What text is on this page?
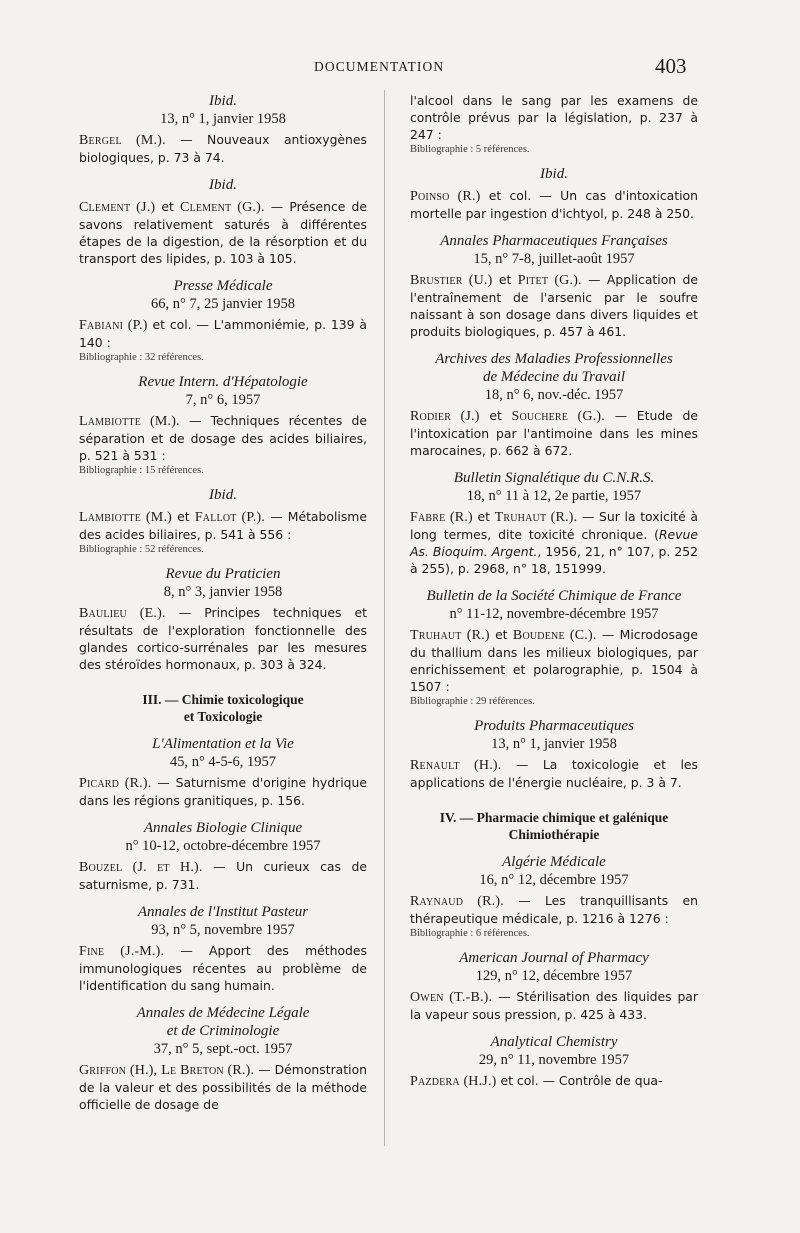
DOCUMENTATION	403

Ibid.

13, n° 1, janvier 1958

Bergel (M.). — Nouveaux antioxygènes biologiques, p. 73 à 74.

Ibid.

Clement (J.) et Clement (G.). — Présence de savons relativement saturés à différentes étapes de la digestion, de la résorption et du transport des lipides, p. 103 à 105.

Presse Médicale

66, n° 7, 25 janvier 1958

Fabiani (P.) et col. — L'ammoniémie, p. 139 à 140 :

Bibliographie : 32 références.

Revue Intern. d'Hépatologie

7, n° 6, 1957

Lambiotte (M.). — Techniques récentes de séparation et de dosage des acides biliaires, p. 521 à 531 :

Bibliographie : 15 références.

Ibid.

Lambiotte (M.) et Fallot (P.). — Métabolisme des acides biliaires, p. 541 à 556 :

Bibliographie : 52 références.

Revue du Praticien

8, n° 3, janvier 1958

Baulieu (E.). — Principes techniques et résultats de l'exploration fonctionnelle des glandes cortico-surrénales par les mesures des stéroïdes hormonaux, p. 303 à 324.

III. — Chimie toxicologique

et Toxicologie

L'Alimentation et la Vie

45, n° 4-5-6, 1957

Picard (R.). — Saturnisme d'origine hydrique dans les régions granitiques, p. 156.

Annales Biologie Clinique

n° 10-12, octobre-décembre 1957

Bouzel (J. et H.). — Un curieux cas de saturnisme, p. 731.

Annales de l'Institut Pasteur

93, n° 5, novembre 1957

Fine (J.-M.). — Apport des méthodes immunologiques récentes au problème de l'identification du sang humain.

Annales de Médecine Légale

et de Criminologie

37, n° 5, sept.-oct. 1957

Griffon (H.), Le Breton (R.). — Démonstration de la valeur et des possibilités de la méthode officielle de dosage de

l'alcool dans le sang par les examens de contrôle prévus par la législation, p. 237 à 247 :

Bibliographie : 5 références.

Ibid.

Poinso (R.) et col. — Un cas d'intoxication mortelle par ingestion d'ichtyol, p. 248 à 250.

Annales Pharmaceutiques Françaises

15, n° 7-8, juillet-août 1957

Brustier (U.) et Pitet (G.). — Application de l'entraînement de l'arsenic par le soufre naissant à son dosage dans divers liquides et produits biologiques, p. 457 à 461.

Archives des Maladies Professionnelles

de Médecine du Travail

18, n° 6, nov.-déc. 1957

Rodier (J.) et Souchere (G.). — Etude de l'intoxication par l'antimoine dans les mines marocaines, p. 662 à 672.

Bulletin Signalétique du C.N.R.S.

18, n° 11 à 12, 2e partie, 1957

Fabre (R.) et Truhaut (R.). — Sur la toxicité à long termes, dite toxicité chronique. (Revue As. Bioquim. Argent., 1956, 21, n° 107, p. 252 à 255), p. 2968, n° 18, 151999.

Bulletin de la Société Chimique de France

n° 11-12, novembre-décembre 1957

Truhaut (R.) et Boudene (C.). — Microdosage du thallium dans les milieux biologiques, par enrichissement et polarographie, p. 1504 à 1507 :

Bibliographie : 29 références.

Produits Pharmaceutiques

13, n° 1, janvier 1958

Renault (H.). — La toxicologie et les applications de l'énergie nucléaire, p. 3 à 7.

IV. — Pharmacie chimique et galénique

Chimiothérapie

Algérie Médicale

16, n° 12, décembre 1957

Raynaud (R.). — Les tranquillisants en thérapeutique médicale, p. 1216 à 1276 :

Bibliographie : 6 références.

American Journal of Pharmacy

129, n° 12, décembre 1957

Owen (T.-B.). — Stérilisation des liquides par la vapeur sous pression, p. 425 à 433.

Analytical Chemistry

29, n° 11, novembre 1957

Pazdera (H.J.) et col. — Contrôle de qua-
